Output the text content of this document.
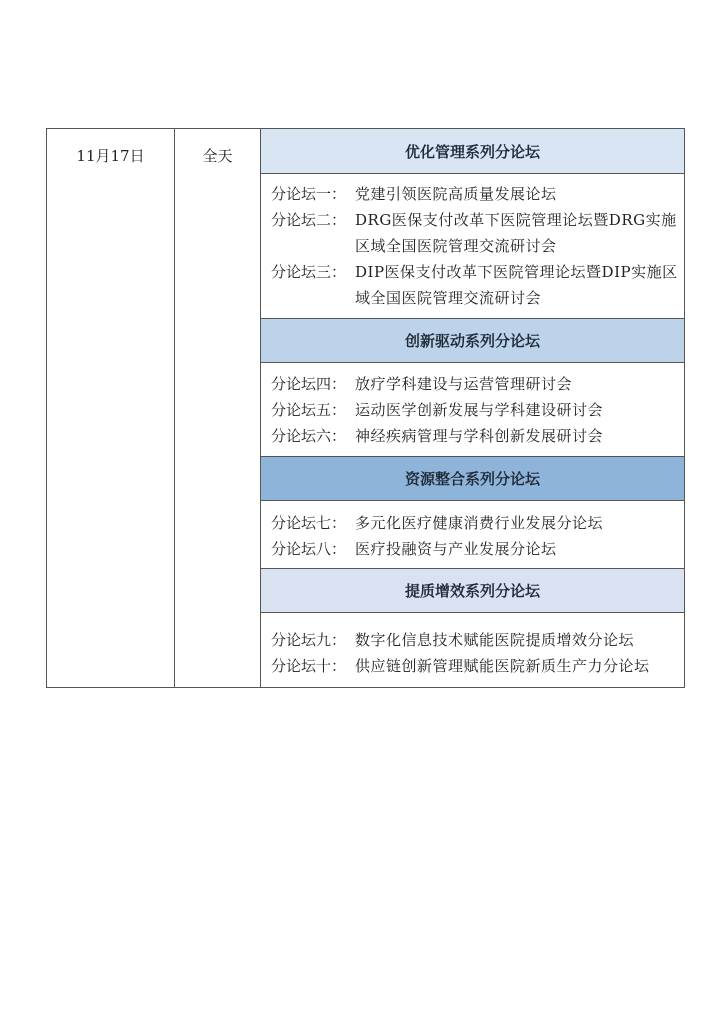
11月17日	全天	优化管理系列分论坛
分论坛一： 党建引领医院高质量发展论坛
分论坛二： DRG医保支付改革下医院管理论坛暨DRG实施区域全国医院管理交流研讨会
分论坛三： DIP医保支付改革下医院管理论坛暨DIP实施区域全国医院管理交流研讨会
创新驱动系列分论坛
分论坛四： 放疗学科建设与运营管理研讨会
分论坛五： 运动医学创新发展与学科建设研讨会
分论坛六： 神经疾病管理与学科创新发展研讨会
资源整合系列分论坛
分论坛七： 多元化医疗健康消费行业发展分论坛
分论坛八： 医疗投融资与产业发展分论坛
提质增效系列分论坛
分论坛九： 数字化信息技术赋能医院提质增效分论坛
分论坛十： 供应链创新管理赋能医院新质生产力分论坛
